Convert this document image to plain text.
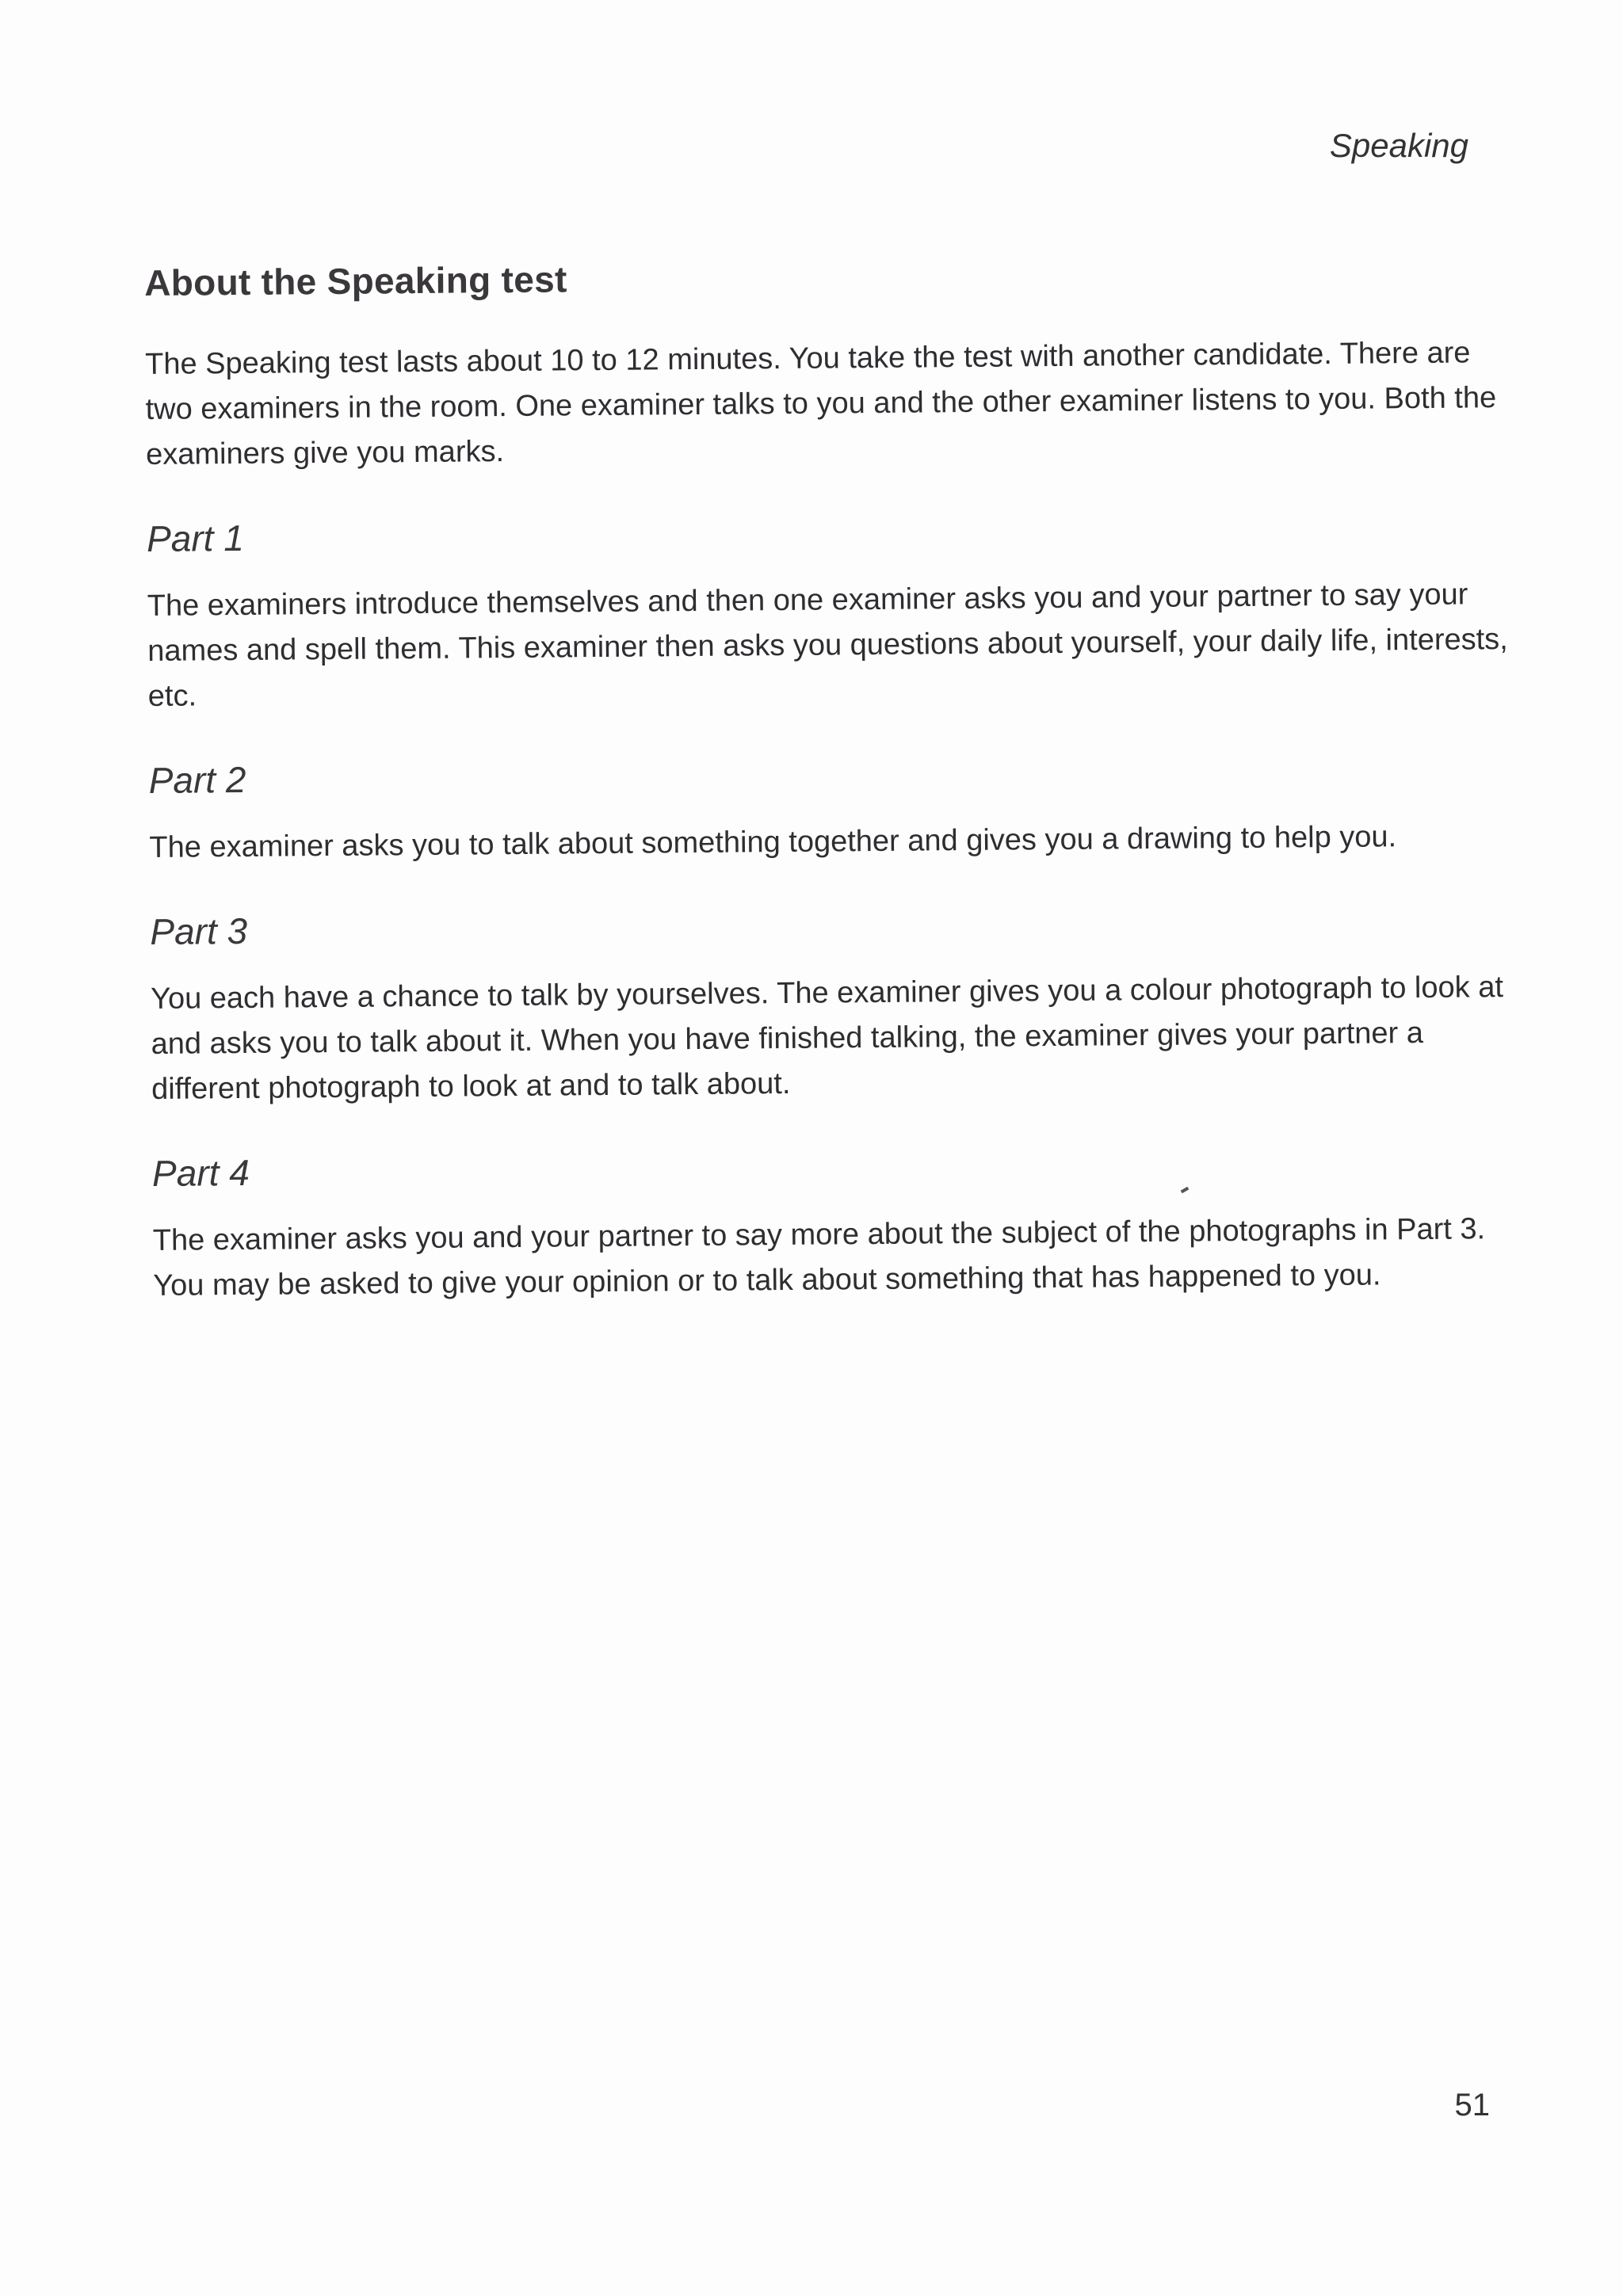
Speaking
About the Speaking test

The Speaking test lasts about 10 to 12 minutes. You take the test with another candidate. There are two examiners in the room. One examiner talks to you and the other examiner listens to you. Both the examiners give you marks.

Part 1

The examiners introduce themselves and then one examiner asks you and your partner to say your names and spell them. This examiner then asks you questions about yourself, your daily life, interests, etc.

Part 2

The examiner asks you to talk about something together and gives you a drawing to help you.

Part 3

You each have a chance to talk by yourselves. The examiner gives you a colour photograph to look at and asks you to talk about it. When you have finished talking, the examiner gives your partner a different photograph to look at and to talk about.

Part 4

The examiner asks you and your partner to say more about the subject of the photographs in Part 3. You may be asked to give your opinion or to talk about something that has happened to you.

51
